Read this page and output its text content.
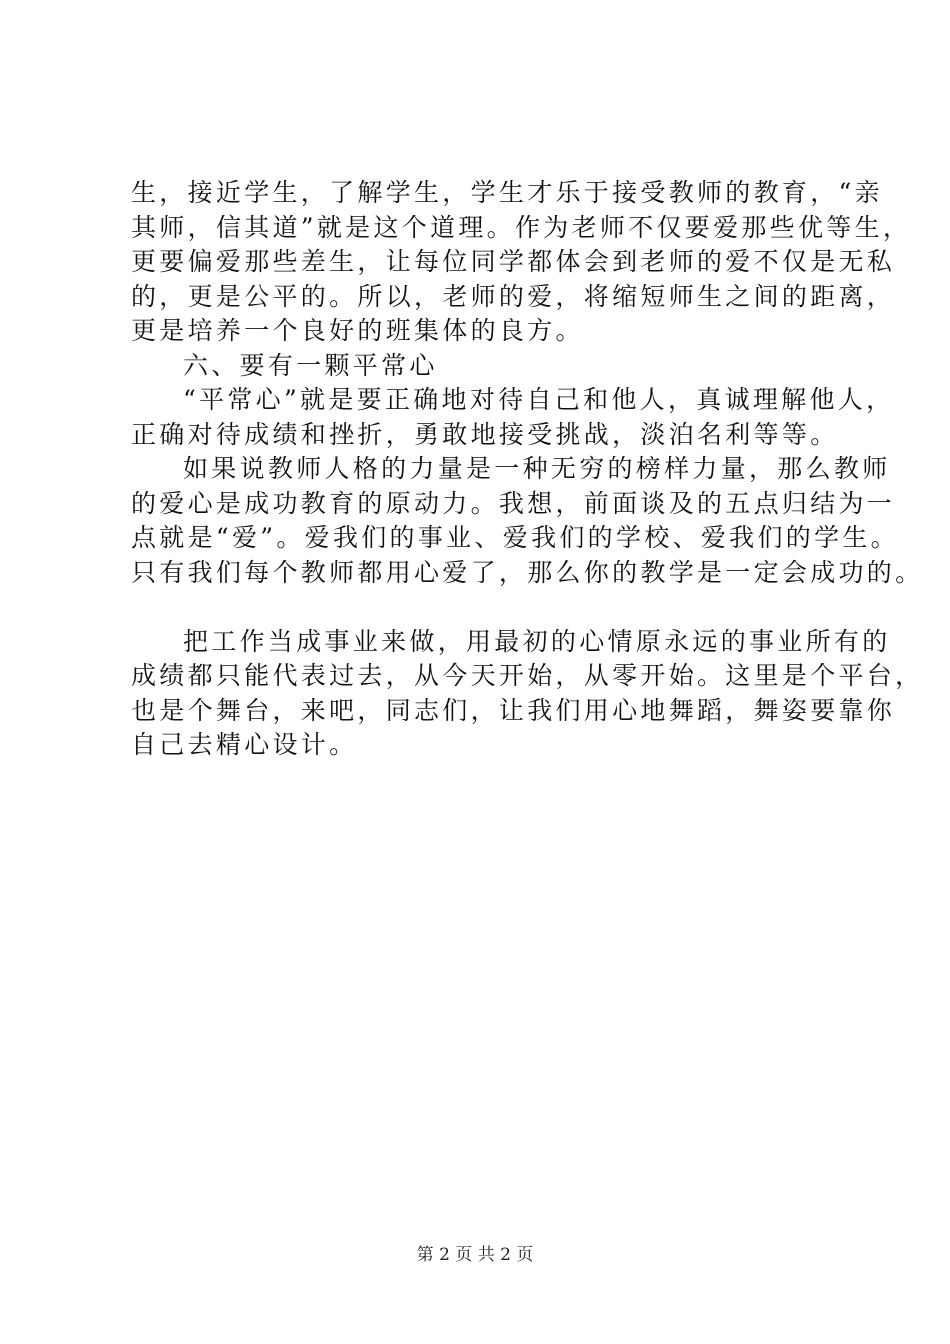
生，接近学生，了解学生，学生才乐于接受教师的教育，“亲
其师，信其道”就是这个道理。作为老师不仅要爱那些优等生，
更要偏爱那些差生，让每位同学都体会到老师的爱不仅是无私
的，更是公平的。所以，老师的爱，将缩短师生之间的距离，
更是培养一个良好的班集体的良方。
六、要有一颗平常心
“平常心”就是要正确地对待自己和他人，真诚理解他人，
正确对待成绩和挫折，勇敢地接受挑战，淡泊名利等等。
如果说教师人格的力量是一种无穷的榜样力量，那么教师
的爱心是成功教育的原动力。我想，前面谈及的五点归结为一
点就是“爱”。爱我们的事业、爱我们的学校、爱我们的学生。
只有我们每个教师都用心爱了，那么你的教学是一定会成功的。
把工作当成事业来做，用最初的心情原永远的事业所有的
成绩都只能代表过去，从今天开始，从零开始。这里是个平台，
也是个舞台，来吧，同志们，让我们用心地舞蹈，舞姿要靠你
自己去精心设计。
第 2 页 共 2 页
